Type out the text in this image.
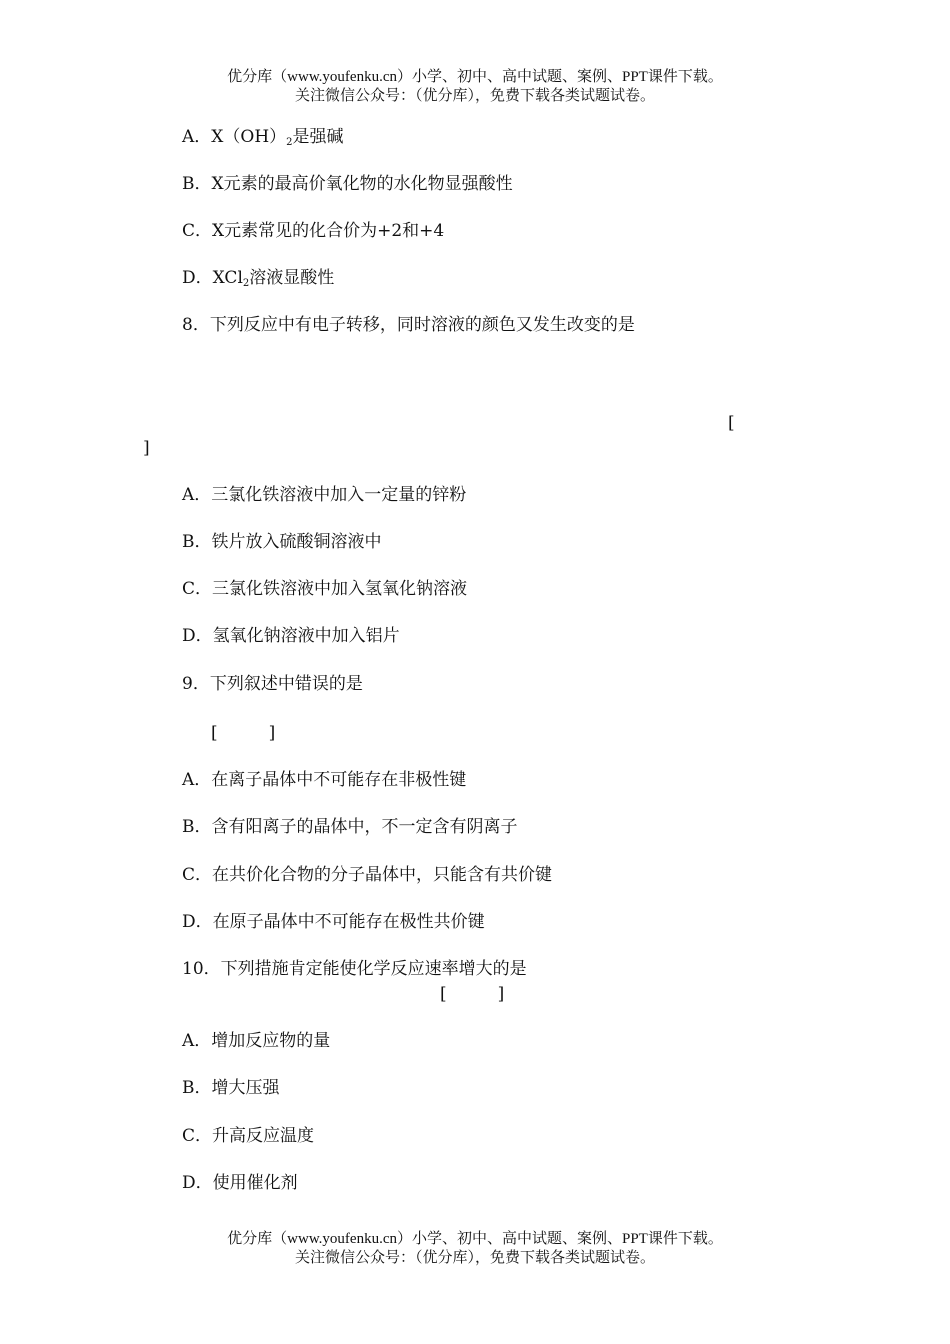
优分库（www.youfenku.cn）小学、初中、高中试题、案例、PPT课件下载。
关注微信公众号：（优分库），免费下载各类试题试卷。
A．$X(OH)_2$是强碱
B．X元素的最高价氧化物的水化物显强酸性
C．X元素常见的化合价为+2和+4
D．XCl$_2$溶液显酸性
8．下列反应中有电子转移，同时溶液的颜色又发生改变的是
[
]
A．三氯化铁溶液中加入一定量的锌粉
B．铁片放入硫酸铜溶液中
C．三氯化铁溶液中加入氢氧化钠溶液
D．氢氧化钠溶液中加入铝片
9．下列叙述中错误的是
[　　　]
A．在离子晶体中不可能存在非极性键
B．含有阳离子的晶体中，不一定含有阴离子
C．在共价化合物的分子晶体中，只能含有共价键
D．在原子晶体中不可能存在极性共价键
10．下列措施肯定能使化学反应速率增大的是
[　　　]
A．增加反应物的量
B．增大压强
C．升高反应温度
D．使用催化剂
优分库（www.youfenku.cn）小学、初中、高中试题、案例、PPT课件下载。
关注微信公众号：（优分库），免费下载各类试题试卷。
